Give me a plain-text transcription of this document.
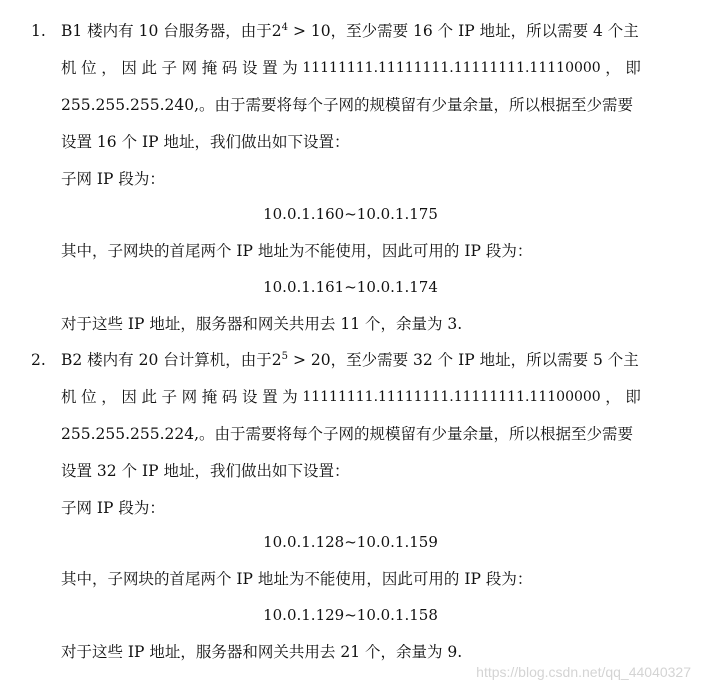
1. B1 楼内有 10 台服务器，由于$2^4 > 10$，至少需要 16 个 IP 地址，所以需要 4 个主
机 位 ， 因 此 子 网 掩 码 设 置 为 11111111.11111111.11111111.11110000 ， 即
255.255.255.240,。由于需要将每个子网的规模留有少量余量，所以根据至少需要
设置 16 个 IP 地址，我们做出如下设置：
子网 IP 段为：
10.0.1.160~10.0.1.175
其中，子网块的首尾两个 IP 地址为不能使用，因此可用的 IP 段为：
10.0.1.161~10.0.1.174
对于这些 IP 地址，服务器和网关共用去 11 个，余量为 3.
2. B2 楼内有 20 台计算机，由于$2^5 > 20$，至少需要 32 个 IP 地址，所以需要 5 个主
机 位 ， 因 此 子 网 掩 码 设 置 为 11111111.11111111.11111111.11100000 ， 即
255.255.255.224,。由于需要将每个子网的规模留有少量余量，所以根据至少需要
设置 32 个 IP 地址，我们做出如下设置：
子网 IP 段为：
10.0.1.128~10.0.1.159
其中，子网块的首尾两个 IP 地址为不能使用，因此可用的 IP 段为：
10.0.1.129~10.0.1.158
对于这些 IP 地址，服务器和网关共用去 21 个，余量为 9.
https://blog.csdn.net/qq_44040327
